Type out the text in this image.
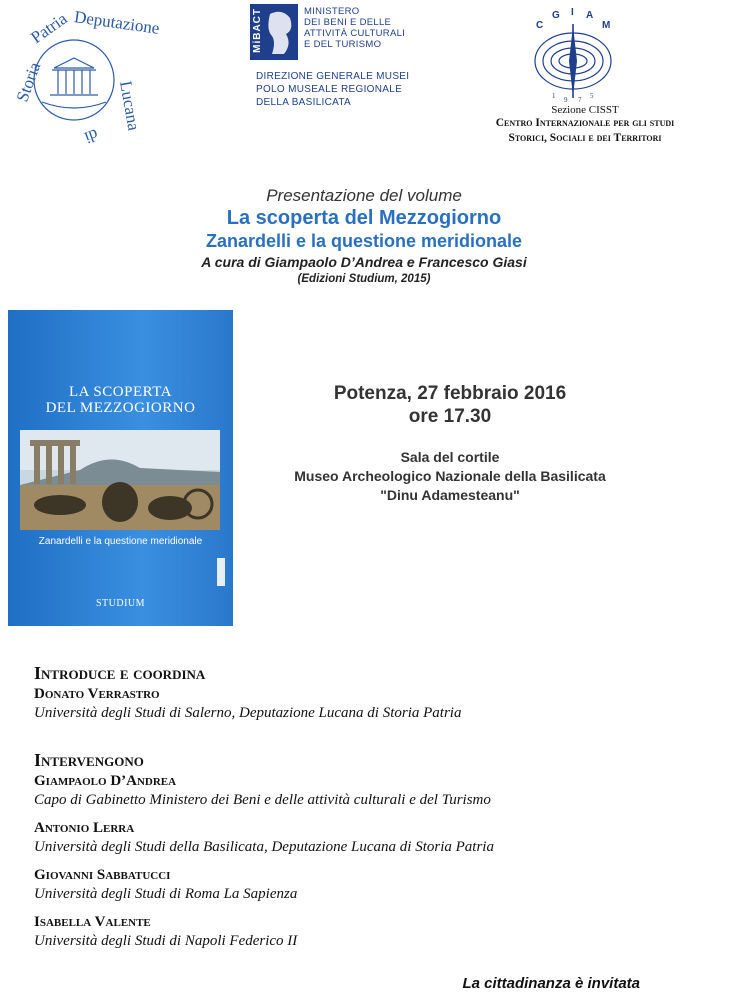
Storia
Patria Deputazione
Lucana
di
MiBACT	MINISTERO
DEI BENI E DELLE
ATTIVITÀ CULTURALI
E DEL TURISMO
DIREZIONE GENERALE MUSEI
POLO MUSEALE REGIONALE
DELLA BASILICATA
C
G I A
M
1 9 7 5
Sezione CISST
Centro Internazionale per gli studi
Storici, Sociali e dei Territori
Presentazione del volume
La scoperta del Mezzogiorno
Zanardelli e la questione meridionale
A cura di Giampaolo D’Andrea e Francesco Giasi
(Edizioni Studium, 2015)
LA SCOPERTA
DEL MEZZOGIORNO
Zanardelli e la questione meridionale
STUDIUM
Potenza, 27 febbraio 2016
ore 17.30
Sala del cortile
Museo Archeologico Nazionale della Basilicata
"Dinu Adamesteanu"
Introduce e coordina
Donato Verrastro
Università degli Studi di Salerno, Deputazione Lucana di Storia Patria
Intervengono
Giampaolo D’Andrea
Capo di Gabinetto Ministero dei Beni e delle attività culturali e del Turismo
Antonio Lerra
Università degli Studi della Basilicata, Deputazione Lucana di Storia Patria
Giovanni Sabbatucci
Università degli Studi di Roma La Sapienza
Isabella Valente
Università degli Studi di Napoli Federico II
La cittadinanza è invitata
